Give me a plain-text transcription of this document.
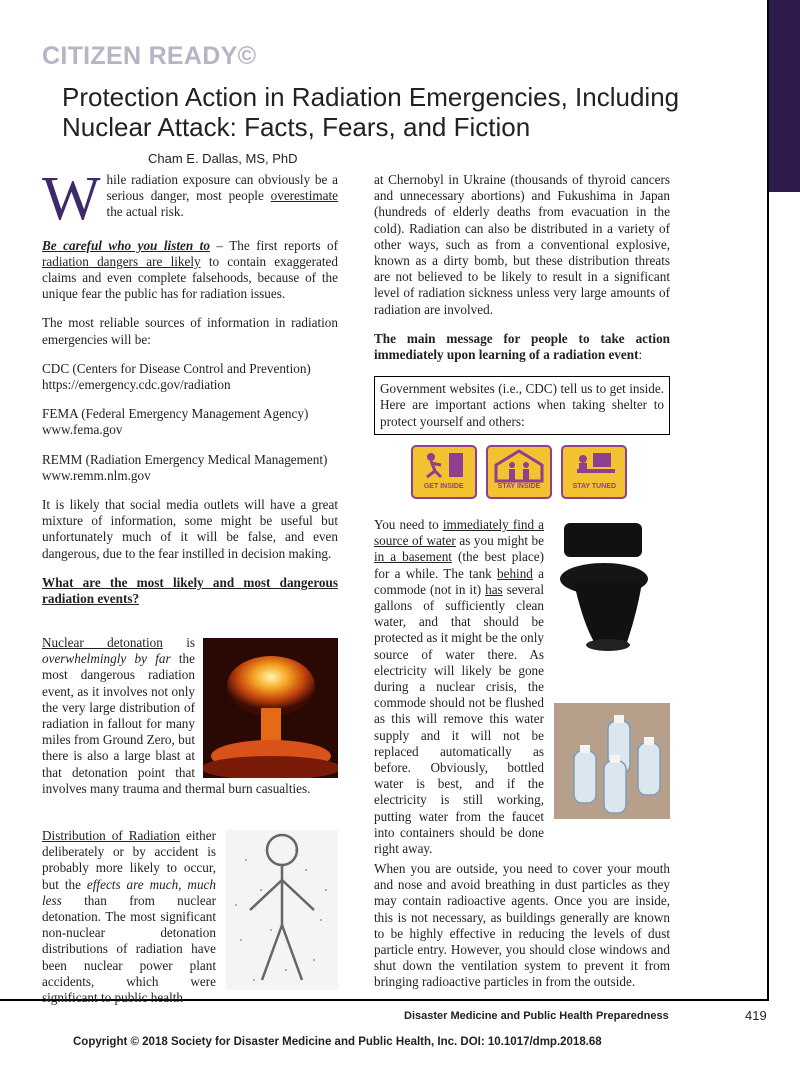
CITIZEN READY©
Protection Action in Radiation Emergencies, Including
Nuclear Attack: Facts, Fears, and Fiction
Cham E. Dallas, MS, PhD

While radiation exposure can obviously be a serious danger, most people overestimate the actual risk.

Be careful who you listen to – The first reports of radiation dangers are likely to contain exaggerated claims and even complete falsehoods, because of the unique fear the public has for radiation issues.

The most reliable sources of information in radiation emergencies will be:

CDC (Centers for Disease Control and Prevention)
https://emergency.cdc.gov/radiation

FEMA (Federal Emergency Management Agency)
www.fema.gov

REMM (Radiation Emergency Medical Management)
www.remm.nlm.gov

It is likely that social media outlets will have a great mixture of information, some might be useful but unfortunately much of it will be false, and even dangerous, due to the fear instilled in decision making.

What are the most likely and most dangerous radiation events?

Nuclear detonation is overwhelmingly by far the most dangerous radiation event, as it involves not only the very large distribution of radiation in fallout for many miles from Ground Zero, but there is also a large blast at that detonation point that involves many trauma and thermal burn casualties.
Distribution of Radiation either deliberately or by accident is probably more likely to occur, but the effects are much, much less than from nuclear detonation. The most significant non-nuclear detonation distributions of radiation have been nuclear power plant accidents, which were significant to public health

at Chernobyl in Ukraine (thousands of thyroid cancers and unnecessary abortions) and Fukushima in Japan (hundreds of elderly deaths from evacuation in the cold). Radiation can also be distributed in a variety of other ways, such as from a conventional explosive, known as a dirty bomb, but these distribution threats are not believed to be likely to result in a significant level of radiation sickness unless very large amounts of radiation are involved.

The main message for people to take action immediately upon learning of a radiation event:

Government websites (i.e., CDC) tell us to get inside. Here are important actions when taking shelter to protect yourself and others:
GET INSIDE
	STAY INSIDE
	STAY TUNED

You need to immediately find a source of water as you might be in a basement (the best place) for a while. The tank behind a commode (not in it) has several gallons of sufficiently clean water, and that should be protected as it might be the only source of water there. As electricity will likely be gone during a nuclear crisis, the commode should not be flushed as this will remove this water supply and it will not be replaced automatically as before. Obviously, bottled water is best, and if the electricity is still working, putting water from the faucet into containers should be done right away.
When you are outside, you need to cover your mouth and nose and avoid breathing in dust particles as they may contain radioactive agents. Once you are inside, this is not necessary, as buildings generally are known to be highly effective in reducing the levels of dust particle entry. However, you should close windows and shut down the ventilation system to prevent it from bringing radioactive particles in from the outside.
Disaster Medicine and Public Health Preparedness	419
Copyright © 2018 Society for Disaster Medicine and Public Health, Inc. DOI: 10.1017/dmp.2018.68
